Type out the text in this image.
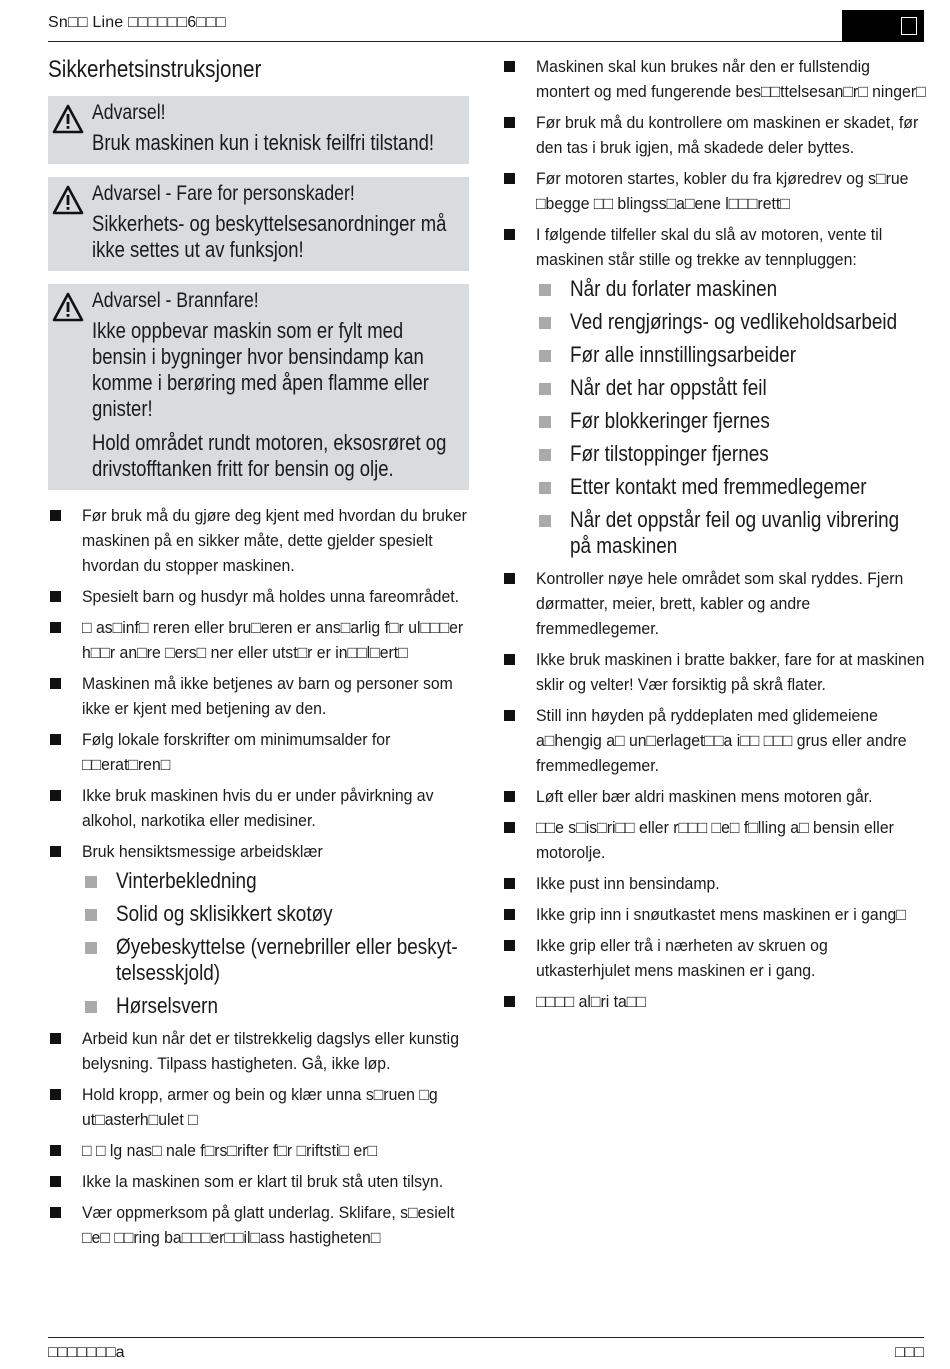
Sn□□ Line □□□□□□6□□□
Sikkerhetsinstruksjoner
Advarsel!
Bruk maskinen kun i teknisk feilfri tilstand!
Advarsel - Fare for personskader!
Sikkerhets- og beskyttelsesanordninger må ikke settes ut av funksjon!
Advarsel - Brannfare!
Ikke oppbevar maskin som er fylt med bensin i bygninger hvor bensindamp kan komme i berøring med åpen flamme eller gnister!
Hold området rundt motoren, eksosrøret og drivstofftanken fritt for bensin og olje.
Før bruk må du gjøre deg kjent med hvordan du bruker maskinen på en sikker måte, dette gjelder spesielt hvordan du stopper maskinen.
Spesielt barn og husdyr må holdes unna fareområdet.
□ as□inf□ reren eller bru□eren er ans□arlig f□r ul□□□er h□□r an□re □ers□ ner eller utst□r er in□□l□ert□
Maskinen må ikke betjenes av barn og personer som ikke er kjent med betjening av den.
Følg lokale forskrifter om minimumsalder for □□erat□ren□
Ikke bruk maskinen hvis du er under påvirkning av alkohol, narkotika eller medisiner.
Bruk hensiktsmessige arbeidsklær
Vinterbekledning
Solid og sklisikkert skotøy
Øyebeskyttelse (vernebriller eller beskyt-telsesskjold)
Hørselsvern
Arbeid kun når det er tilstrekkelig dagslys eller kunstig belysning. Tilpass hastigheten. Gå, ikke løp.
Hold kropp, armer og bein og klær unna s□ruen □g ut□asterh□ulet □
□ □ lg nas□ nale f□rs□rifter f□r □riftsti□ er□
Ikke la maskinen som er klart til bruk stå uten tilsyn.
Vær oppmerksom på glatt underlag. Sklifare, s□esielt □e□ □□ring ba□□□er□□il□ass hastigheten□
Maskinen skal kun brukes når den er fullstendig montert og med fungerende bes□□ttelsesan□r□ ninger□
Før bruk må du kontrollere om maskinen er skadet, før den tas i bruk igjen, må skadede deler byttes.
Før motoren startes, kobler du fra kjøredrev og s□rue □begge □□ blingss□a□ene l□□□rett□
I følgende tilfeller skal du slå av motoren, vente til maskinen står stille og trekke av tennpluggen:
Når du forlater maskinen
Ved rengjørings- og vedlikeholdsarbeid
Før alle innstillingsarbeider
Når det har oppstått feil
Før blokkeringer fjernes
Før tilstoppinger fjernes
Etter kontakt med fremmedlegemer
Når det oppstår feil og uvanlig vibrering på maskinen
Kontroller nøye hele området som skal ryddes. Fjern dørmatter, meier, brett, kabler og andre fremmedlegemer.
Ikke bruk maskinen i bratte bakker, fare for at maskinen sklir og velter! Vær forsiktig på skrå flater.
Still inn høyden på ryddeplaten med glidemeiene a□hengig a□ un□erlaget□□a i□□ □□□ grus eller andre fremmedlegemer.
Løft eller bær aldri maskinen mens motoren går.
□□e s□is□ri□□ eller r□□□ □e□ f□lling a□ bensin eller motorolje.
Ikke pust inn bensindamp.
Ikke grip inn i snøutkastet mens maskinen er i gang□
Ikke grip eller trå i nærheten av skruen og utkasterhjulet mens maskinen er i gang.
□□□□ al□ri ta□□
□□□□□□□a	□□□
